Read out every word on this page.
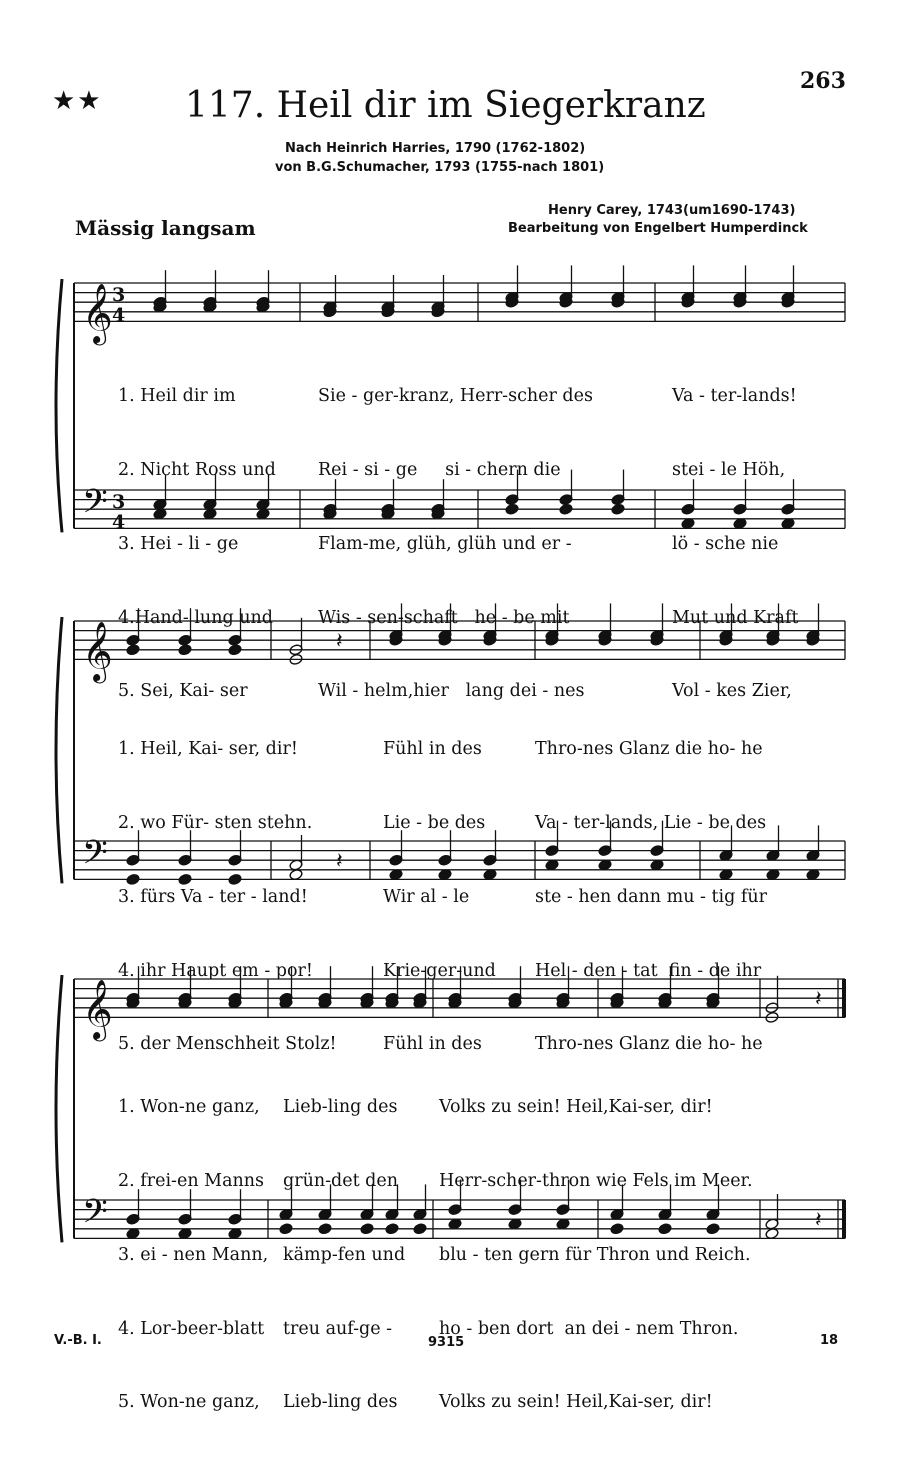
★★ 117. Heil dir im Siegerkranz
263
Nach Heinrich Harries, 1790 (1762-1802)
von B.G.Schumacher, 1793 (1755-nach 1801)
Henry Carey, 1743(um1690-1743)
Bearbeitung von Engelbert Humperdinck
Mässig langsam
𝄞
𝄢
3
4
3
4
𝄞
𝄢
𝄞
𝄢
𝄽
𝄽
𝄽
𝄽

1. Heil dir im

2. Nicht Ross und

3. Hei - li - ge

4.Hand- lung und

5. Sei, Kai- ser

Sie - ger-kranz, Herr-scher des

Rei - si - ge     si - chern die

Flam-me, glüh, glüh und er -

Wis - sen-schaft   he - be mit

Wil - helm,hier   lang dei - nes

Va - ter-lands!

stei - le Höh,

lö - sche nie

Mut und Kraft

Vol - kes Zier,

1. Heil, Kai- ser, dir!

2. wo Für- sten stehn.

3. fürs Va - ter - land!

4. ihr Haupt em - por!

5. der Menschheit Stolz!

Fühl in des

Lie - be des

Wir al - le

Krie-ger-und

Fühl in des

Thro-nes Glanz die ho- he

Va - ter-lands, Lie - be des

ste - hen dann mu - tig für

Hel - den - tat  fin - de ihr

Thro-nes Glanz die ho- he

1. Won-ne ganz,

2. frei-en Manns

3. ei - nen Mann,

4. Lor-beer-blatt

5. Won-ne ganz,

Lieb-ling des

grün-det den

kämp-fen und

treu auf-ge -

Lieb-ling des

Volks zu sein! Heil,Kai-ser, dir!

Herr-scher-thron wie Fels im Meer.

blu - ten gern für Thron und Reich.

ho - ben dort  an dei - nem Thron.

Volks zu sein! Heil,Kai-ser, dir!

V.-B. I.	9315	18
